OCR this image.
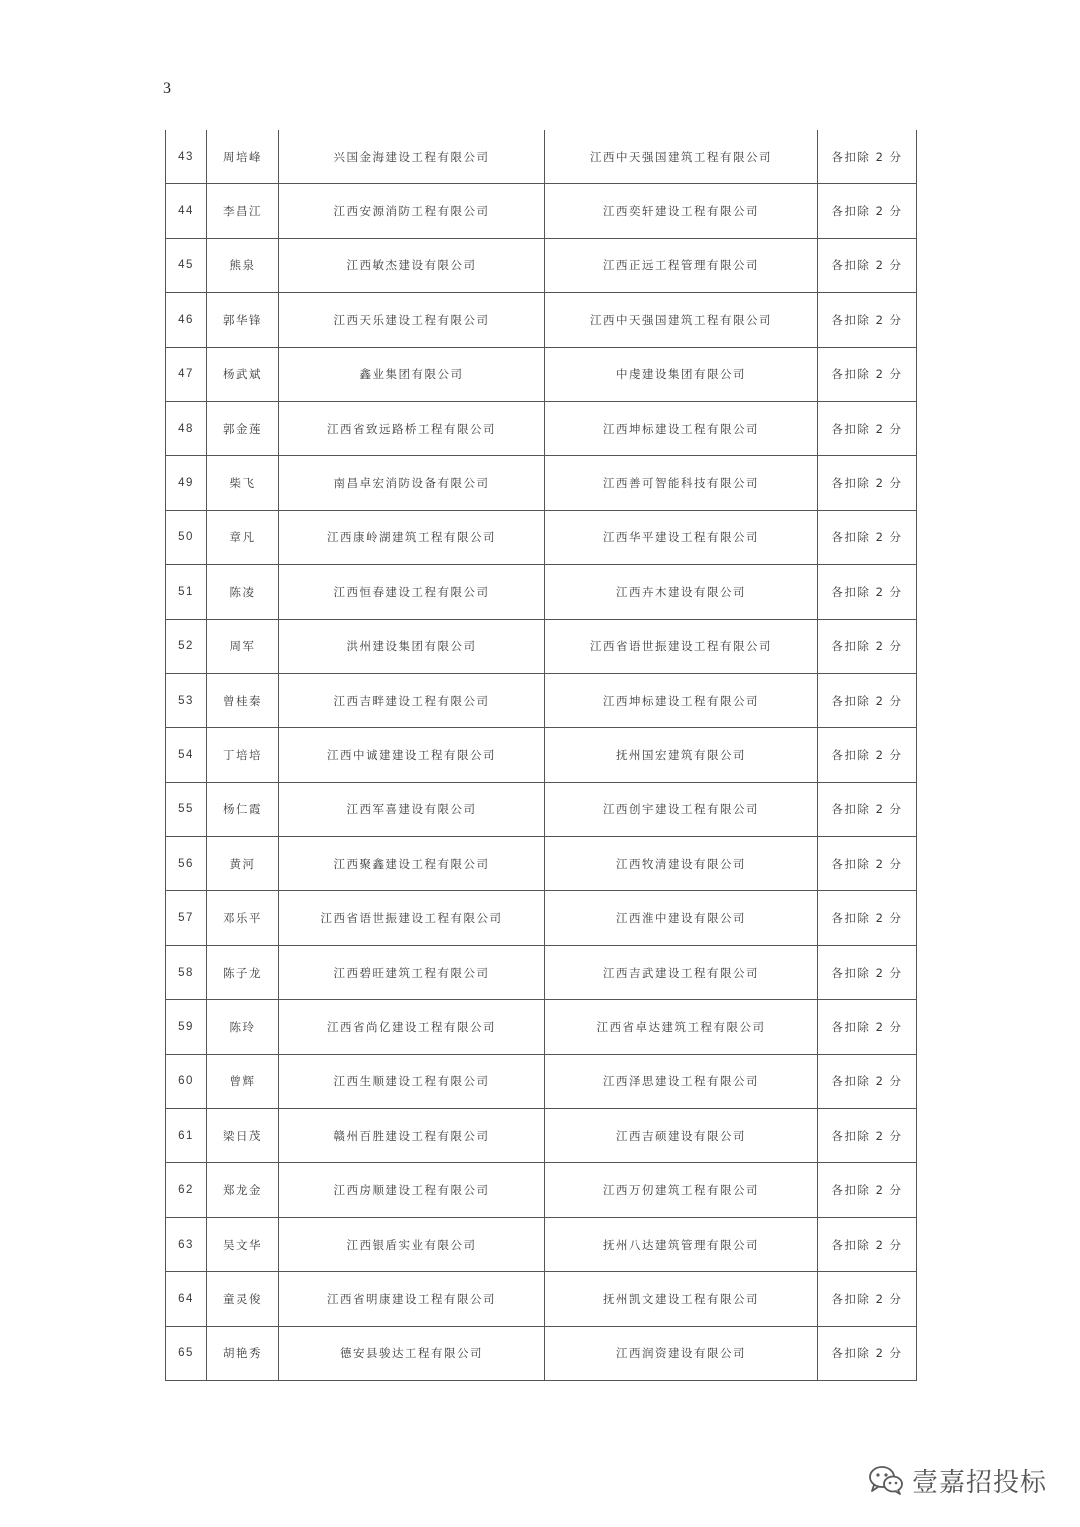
3
43	周培峰	兴国金海建设工程有限公司	江西中天强国建筑工程有限公司	各扣除 2 分
44	李昌江	江西安源消防工程有限公司	江西奕轩建设工程有限公司	各扣除 2 分
45	熊泉	江西敏杰建设有限公司	江西正远工程管理有限公司	各扣除 2 分
46	郭华锋	江西天乐建设工程有限公司	江西中天强国建筑工程有限公司	各扣除 2 分
47	杨武斌	鑫业集团有限公司	中虔建设集团有限公司	各扣除 2 分
48	郭金莲	江西省致远路桥工程有限公司	江西坤标建设工程有限公司	各扣除 2 分
49	柴飞	南昌卓宏消防设备有限公司	江西善可智能科技有限公司	各扣除 2 分
50	章凡	江西康岭湖建筑工程有限公司	江西华平建设工程有限公司	各扣除 2 分
51	陈凌	江西恒春建设工程有限公司	江西卉木建设有限公司	各扣除 2 分
52	周军	洪州建设集团有限公司	江西省语世振建设工程有限公司	各扣除 2 分
53	曾桂秦	江西吉畔建设工程有限公司	江西坤标建设工程有限公司	各扣除 2 分
54	丁培培	江西中诚建建设工程有限公司	抚州国宏建筑有限公司	各扣除 2 分
55	杨仁霞	江西军喜建设有限公司	江西创宇建设工程有限公司	各扣除 2 分
56	黄河	江西聚鑫建设工程有限公司	江西牧清建设有限公司	各扣除 2 分
57	邓乐平	江西省语世振建设工程有限公司	江西淮中建设有限公司	各扣除 2 分
58	陈子龙	江西碧旺建筑工程有限公司	江西吉武建设工程有限公司	各扣除 2 分
59	陈玲	江西省尚亿建设工程有限公司	江西省卓达建筑工程有限公司	各扣除 2 分
60	曾辉	江西生顺建设工程有限公司	江西泽思建设工程有限公司	各扣除 2 分
61	梁日茂	赣州百胜建设工程有限公司	江西吉硕建设有限公司	各扣除 2 分
62	郑龙金	江西房顺建设工程有限公司	江西万仞建筑工程有限公司	各扣除 2 分
63	吴文华	江西银盾实业有限公司	抚州八达建筑管理有限公司	各扣除 2 分
64	童灵俊	江西省明康建设工程有限公司	抚州凯文建设工程有限公司	各扣除 2 分
65	胡艳秀	德安县骏达工程有限公司	江西润资建设有限公司	各扣除 2 分
壹嘉招投标
